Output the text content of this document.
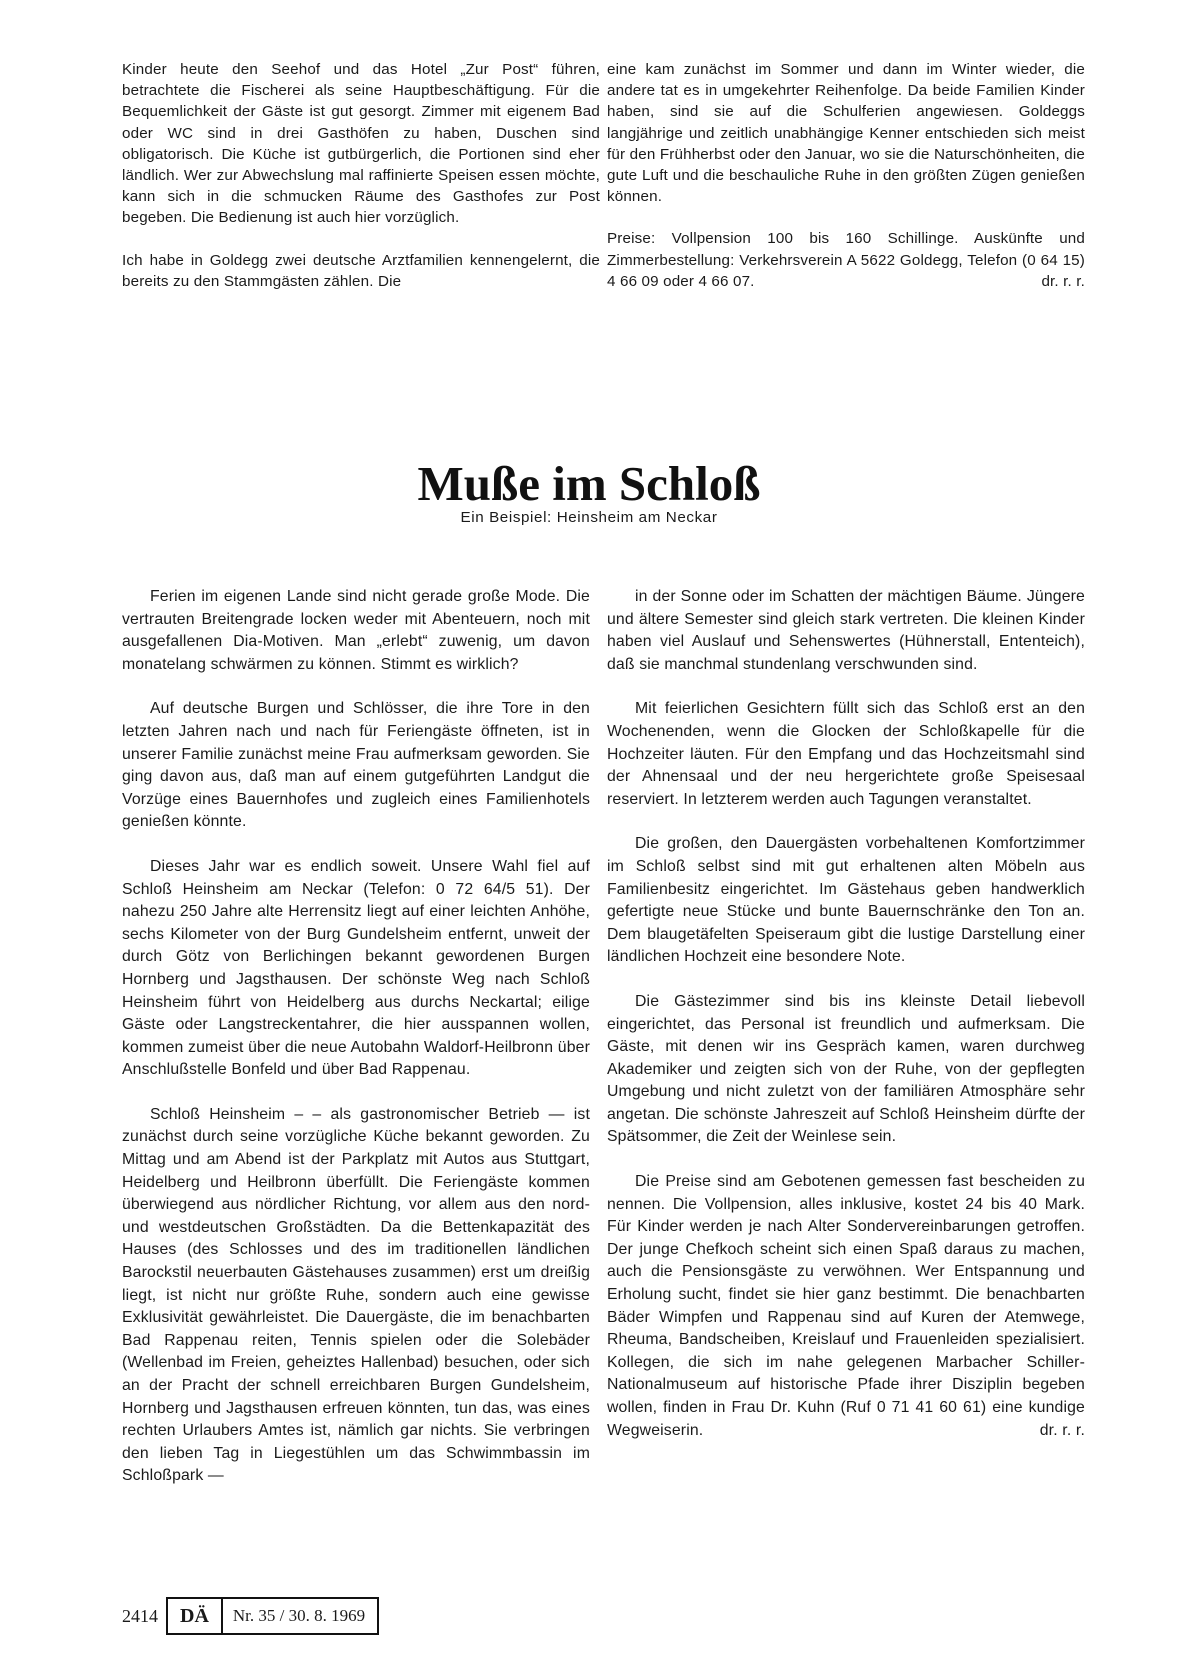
Kinder heute den Seehof und das Hotel „Zur Post“ führen, betrachtete die Fischerei als seine Hauptbeschäftigung. Für die Bequemlichkeit der Gäste ist gut gesorgt. Zimmer mit eigenem Bad oder WC sind in drei Gasthöfen zu haben, Duschen sind obligatorisch. Die Küche ist gutbürgerlich, die Portionen sind eher ländlich. Wer zur Abwechslung mal raffinierte Speisen essen möchte, kann sich in die schmucken Räume des Gasthofes zur Post begeben. Die Bedienung ist auch hier vorzüglich.

Ich habe in Goldegg zwei deutsche Arztfamilien kennengelernt, die bereits zu den Stammgästen zählen. Die

eine kam zunächst im Sommer und dann im Winter wieder, die andere tat es in umgekehrter Reihenfolge. Da beide Familien Kinder haben, sind sie auf die Schulferien angewiesen. Goldeggs langjährige und zeitlich unabhängige Kenner entschieden sich meist für den Frühherbst oder den Januar, wo sie die Naturschönheiten, die gute Luft und die beschauliche Ruhe in den größten Zügen genießen können.

Preise: Vollpension 100 bis 160 Schillinge. Auskünfte und Zimmerbestellung: Verkehrsverein A 5622 Goldegg, Telefon (0 64 15) 4 66 09 oder 4 66 07.	dr. r. r.

Muße im Schloß
Ein Beispiel: Heinsheim am Neckar

Ferien im eigenen Lande sind nicht gerade große Mode. Die vertrauten Breitengrade locken weder mit Abenteuern, noch mit ausgefallenen Dia-Motiven. Man „erlebt“ zuwenig, um davon monatelang schwärmen zu können. Stimmt es wirklich?

Auf deutsche Burgen und Schlösser, die ihre Tore in den letzten Jahren nach und nach für Feriengäste öffneten, ist in unserer Familie zunächst meine Frau aufmerksam geworden. Sie ging davon aus, daß man auf einem gutgeführten Landgut die Vorzüge eines Bauernhofes und zugleich eines Familienhotels genießen könnte.

Dieses Jahr war es endlich soweit. Unsere Wahl fiel auf Schloß Heinsheim am Neckar (Telefon: 0 72 64/5 51). Der nahezu 250 Jahre alte Herrensitz liegt auf einer leichten Anhöhe, sechs Kilometer von der Burg Gundelsheim entfernt, unweit der durch Götz von Berlichingen bekannt gewordenen Burgen Hornberg und Jagsthausen. Der schönste Weg nach Schloß Heinsheim führt von Heidelberg aus durchs Neckartal; eilige Gäste oder Langstreckentahrer, die hier ausspannen wollen, kommen zumeist über die neue Autobahn Waldorf-Heilbronn über Anschlußstelle Bonfeld und über Bad Rappenau.

Schloß Heinsheim – – als gastronomischer Betrieb — ist zunächst durch seine vorzügliche Küche bekannt geworden. Zu Mittag und am Abend ist der Parkplatz mit Autos aus Stuttgart, Heidelberg und Heilbronn überfüllt. Die Feriengäste kommen überwiegend aus nördlicher Richtung, vor allem aus den nord- und westdeutschen Großstädten. Da die Bettenkapazität des Hauses (des Schlosses und des im traditionellen ländlichen Barockstil neuerbauten Gästehauses zusammen) erst um dreißig liegt, ist nicht nur größte Ruhe, sondern auch eine gewisse Exklusivität gewährleistet. Die Dauergäste, die im benachbarten Bad Rappenau reiten, Tennis spielen oder die Solebäder (Wellenbad im Freien, geheiztes Hallenbad) besuchen, oder sich an der Pracht der schnell erreichbaren Burgen Gundelsheim, Hornberg und Jagsthausen erfreuen könnten, tun das, was eines rechten Urlaubers Amtes ist, nämlich gar nichts. Sie verbringen den lieben Tag in Liegestühlen um das Schwimmbassin im Schloßpark —

in der Sonne oder im Schatten der mächtigen Bäume. Jüngere und ältere Semester sind gleich stark vertreten. Die kleinen Kinder haben viel Auslauf und Sehenswertes (Hühnerstall, Ententeich), daß sie manchmal stundenlang verschwunden sind.

Mit feierlichen Gesichtern füllt sich das Schloß erst an den Wochenenden, wenn die Glocken der Schloßkapelle für die Hochzeiter läuten. Für den Empfang und das Hochzeitsmahl sind der Ahnensaal und der neu hergerichtete große Speisesaal reserviert. In letzterem werden auch Tagungen veranstaltet.

Die großen, den Dauergästen vorbehaltenen Komfortzimmer im Schloß selbst sind mit gut erhaltenen alten Möbeln aus Familienbesitz eingerichtet. Im Gästehaus geben handwerklich gefertigte neue Stücke und bunte Bauernschränke den Ton an. Dem blaugetäfelten Speiseraum gibt die lustige Darstellung einer ländlichen Hochzeit eine besondere Note.

Die Gästezimmer sind bis ins kleinste Detail liebevoll eingerichtet, das Personal ist freundlich und aufmerksam. Die Gäste, mit denen wir ins Gespräch kamen, waren durchweg Akademiker und zeigten sich von der Ruhe, von der gepflegten Umgebung und nicht zuletzt von der familiären Atmosphäre sehr angetan. Die schönste Jahreszeit auf Schloß Heinsheim dürfte der Spätsommer, die Zeit der Weinlese sein.

Die Preise sind am Gebotenen gemessen fast bescheiden zu nennen. Die Vollpension, alles inklusive, kostet 24 bis 40 Mark. Für Kinder werden je nach Alter Sondervereinbarungen getroffen. Der junge Chefkoch scheint sich einen Spaß daraus zu machen, auch die Pensionsgäste zu verwöhnen. Wer Entspannung und Erholung sucht, findet sie hier ganz bestimmt. Die benachbarten Bäder Wimpfen und Rappenau sind auf Kuren der Atemwege, Rheuma, Bandscheiben, Kreislauf und Frauenleiden spezialisiert. Kollegen, die sich im nahe gelegenen Marbacher Schiller-Nationalmuseum auf historische Pfade ihrer Disziplin begeben wollen, finden in Frau Dr. Kuhn (Ruf 0 71 41 60 61) eine kundige Wegweiserin.	dr. r. r.

2414	DÄ	Nr. 35 / 30. 8. 1969
